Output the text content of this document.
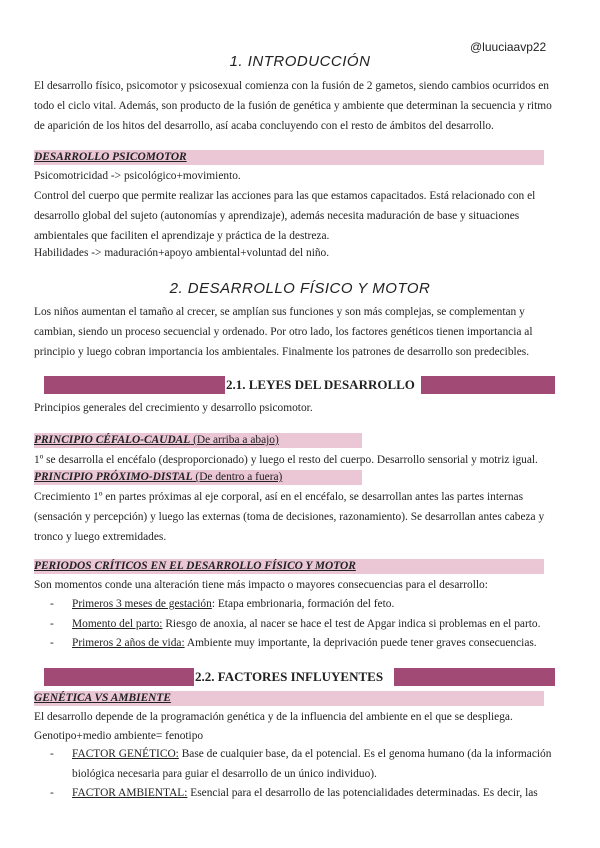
@luuciaavp22
1. INTRODUCCIÓN

El desarrollo físico, psicomotor y psicosexual comienza con la fusión de 2 gametos, siendo cambios ocurridos en todo el ciclo vital. Además, son producto de la fusión de genética y ambiente que determinan la secuencia y ritmo de aparición de los hitos del desarrollo, así acaba concluyendo con el resto de ámbitos del desarrollo.

DESARROLLO PSICOMOTOR

Psicomotricidad -> psicológico+movimiento.

Control del cuerpo que permite realizar las acciones para las que estamos capacitados. Está relacionado con el desarrollo global del sujeto (autonomías y aprendizaje), además necesita maduración de base y situaciones ambientales que faciliten el aprendizaje y práctica de la destreza.

Habilidades -> maduración+apoyo ambiental+voluntad del niño.

2. DESARROLLO FÍSICO Y MOTOR

Los niños aumentan el tamaño al crecer, se amplían sus funciones y son más complejas, se complementan y cambian, siendo un proceso secuencial y ordenado. Por otro lado, los factores genéticos tienen importancia al principio y luego cobran importancia los ambientales. Finalmente los patrones de desarrollo son predecibles.

2.1. LEYES DEL DESARROLLO

Principios generales del crecimiento y desarrollo psicomotor.

PRINCIPIO CÉFALO-CAUDAL (De arriba a abajo)

1º se desarrolla el encéfalo (desproporcionado) y luego el resto del cuerpo. Desarrollo sensorial y motriz igual.

PRINCIPIO PRÓXIMO-DISTAL (De dentro a fuera)

Crecimiento 1º en partes próximas al eje corporal, así en el encéfalo, se desarrollan antes las partes internas (sensación y percepción) y luego las externas (toma de decisiones, razonamiento). Se desarrollan antes cabeza y tronco y luego extremidades.

PERIODOS CRÍTICOS EN EL DESARROLLO FÍSICO Y MOTOR

Son momentos conde una alteración tiene más impacto o mayores consecuencias para el desarrollo:

- Primeros 3 meses de gestación: Etapa embrionaria, formación del feto.
- Momento del parto: Riesgo de anoxia, al nacer se hace el test de Apgar indica si problemas en el parto.
- Primeros 2 años de vida: Ambiente muy importante, la deprivación puede tener graves consecuencias.
2.2. FACTORES INFLUYENTES
GENÉTICA VS AMBIENTE

El desarrollo depende de la programación genética y de la influencia del ambiente en el que se despliega.

Genotipo+medio ambiente= fenotipo

- FACTOR GENÉTICO: Base de cualquier base, da el potencial. Es el genoma humano (da la información biológica necesaria para guiar el desarrollo de un único individuo).
- FACTOR AMBIENTAL: Esencial para el desarrollo de las potencialidades determinadas. Es decir, las
